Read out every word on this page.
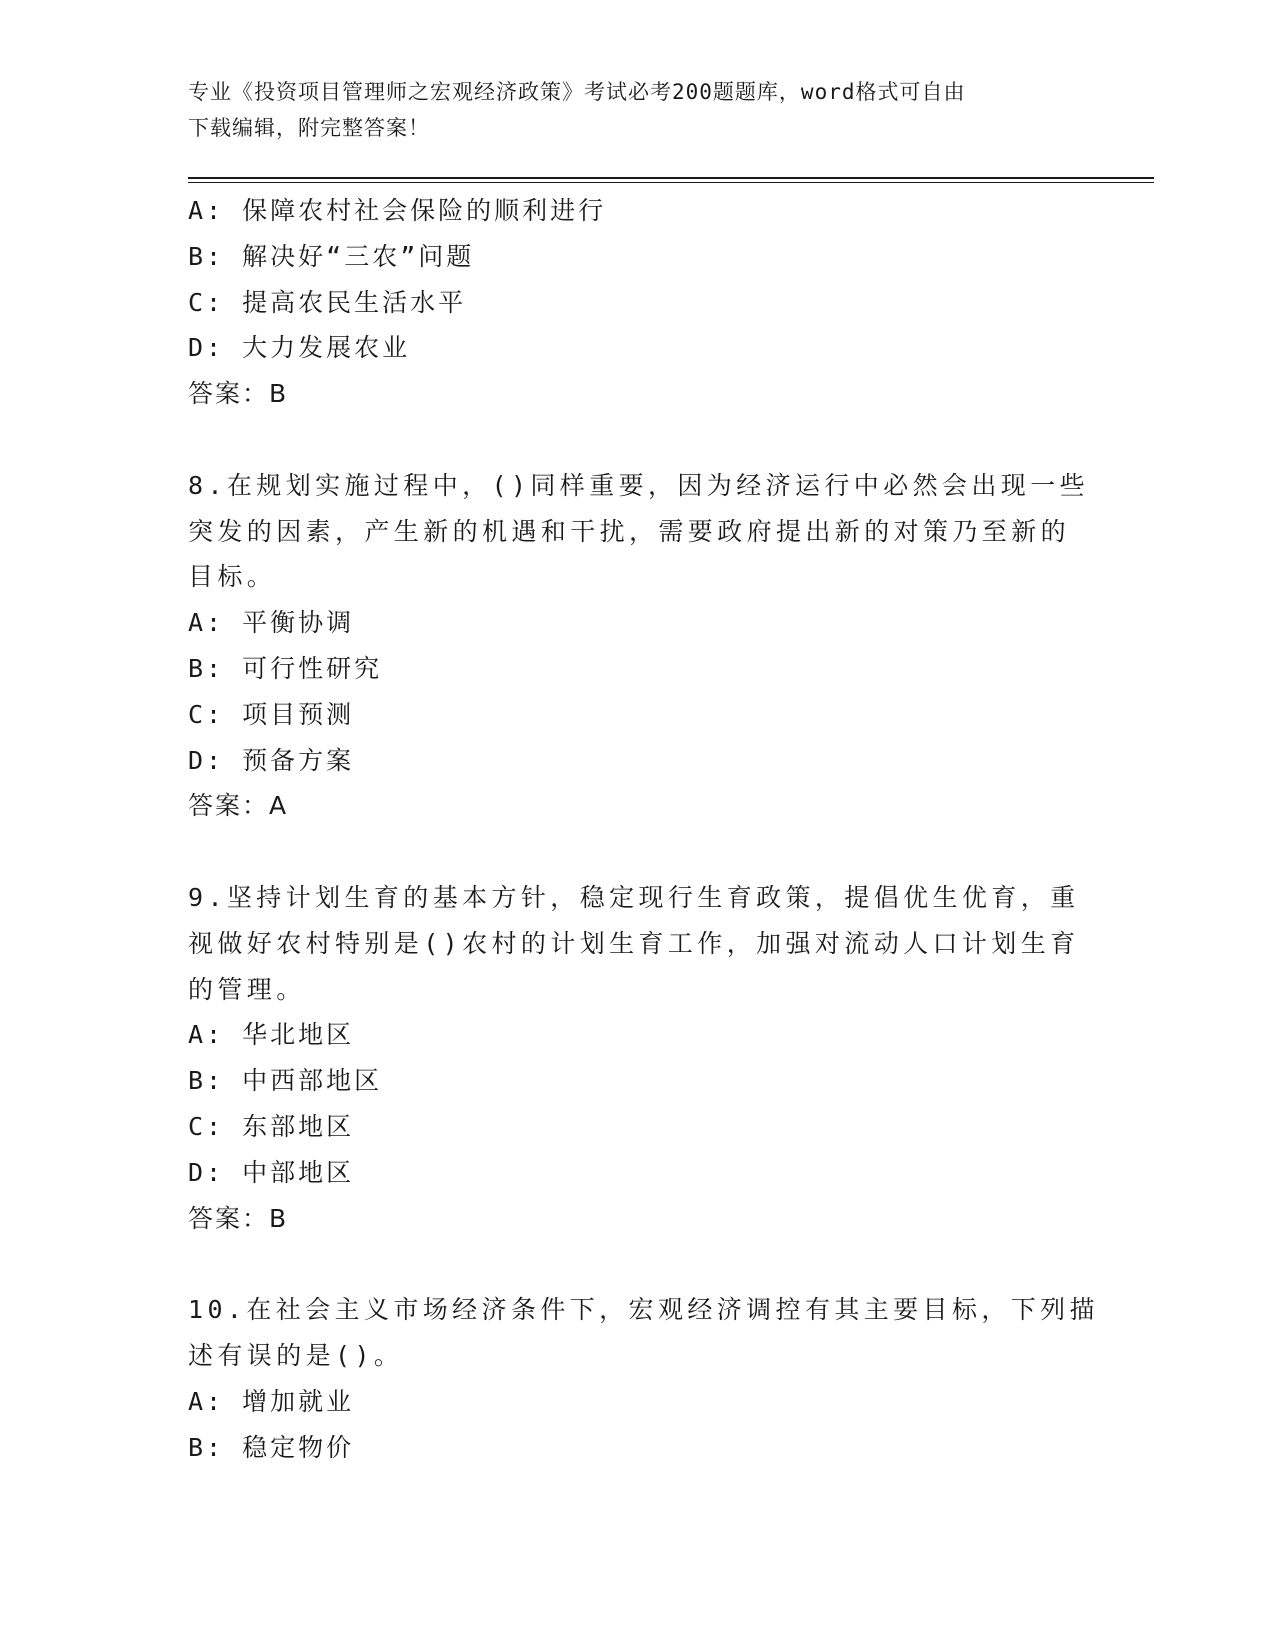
专业《投资项目管理师之宏观经济政策》考试必考200题题库，word格式可自由
下载编辑，附完整答案！
A: 保障农村社会保险的顺利进行
B: 解决好“三农”问题
C: 提高农民生活水平
D: 大力发展农业
答案：B
8.在规划实施过程中，()同样重要，因为经济运行中必然会出现一些
突发的因素，产生新的机遇和干扰，需要政府提出新的对策乃至新的
目标。
A: 平衡协调
B: 可行性研究
C: 项目预测
D: 预备方案
答案：A
9.坚持计划生育的基本方针，稳定现行生育政策，提倡优生优育，重
视做好农村特别是()农村的计划生育工作，加强对流动人口计划生育
的管理。
A: 华北地区
B: 中西部地区
C: 东部地区
D: 中部地区
答案：B
10.在社会主义市场经济条件下，宏观经济调控有其主要目标，下列描
述有误的是()。
A: 增加就业
B: 稳定物价
